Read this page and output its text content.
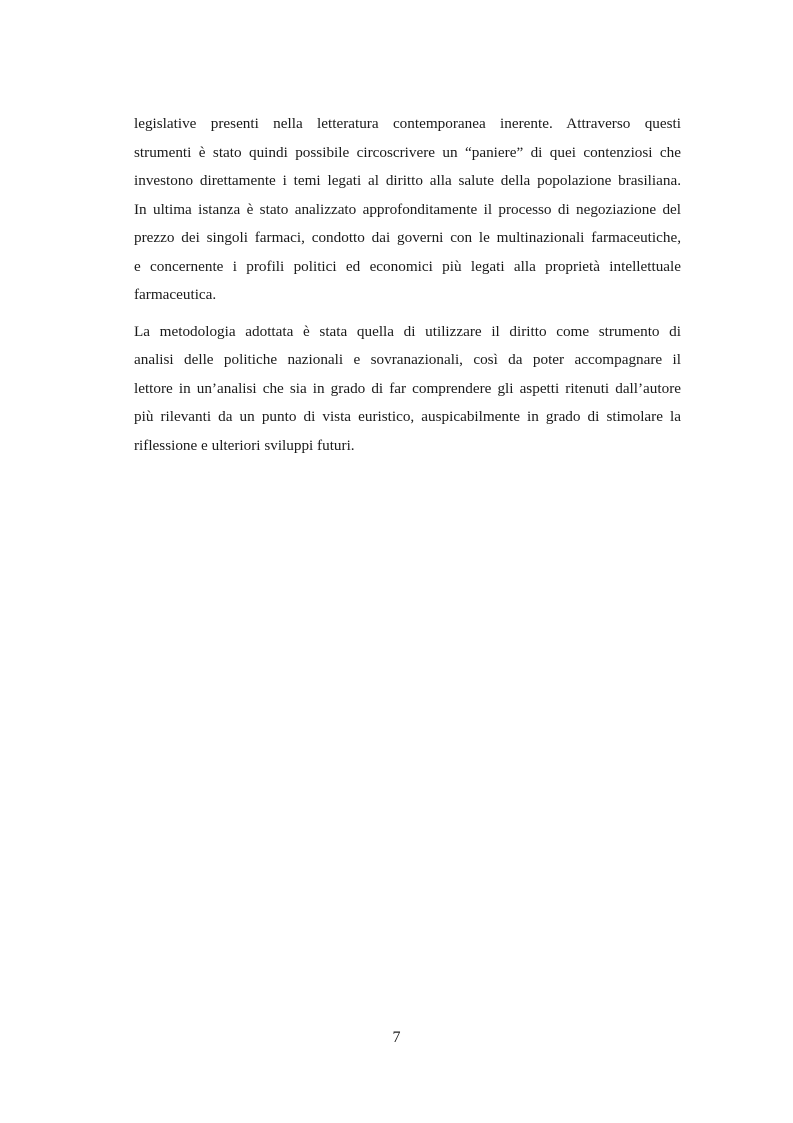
legislative presenti nella letteratura contemporanea inerente. Attraverso questi
strumenti è stato quindi possibile circoscrivere un “paniere” di quei contenziosi che
investono direttamente i temi legati al diritto alla salute della popolazione brasiliana.
In ultima istanza è stato analizzato approfonditamente il processo di negoziazione del
prezzo dei singoli farmaci, condotto dai governi con le multinazionali farmaceutiche,
e concernente i profili politici ed economici più legati alla proprietà intellettuale
farmaceutica.

La metodologia adottata è stata quella di utilizzare il diritto come strumento di
analisi delle politiche nazionali e sovranazionali, così da poter accompagnare il
lettore in un’analisi che sia in grado di far comprendere gli aspetti ritenuti dall’autore
più rilevanti da un punto di vista euristico, auspicabilmente in grado di stimolare la
riflessione e ulteriori sviluppi futuri.

7
